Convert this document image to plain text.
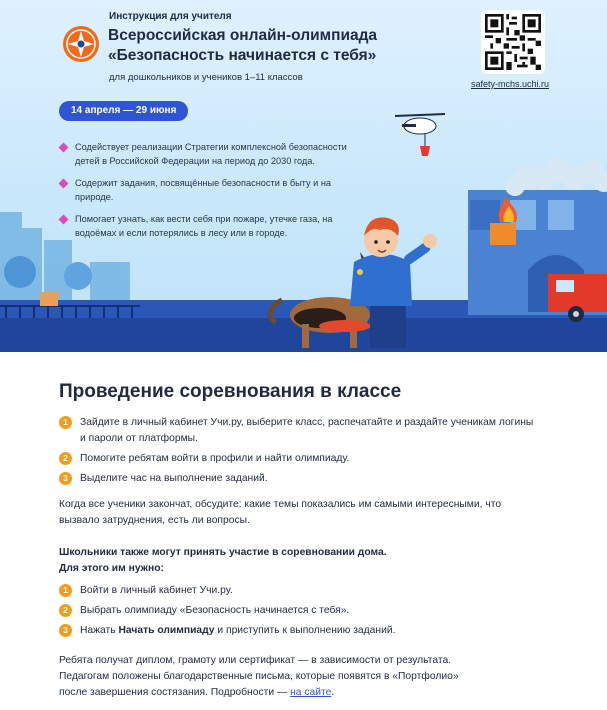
Инструкция для учителя
Всероссийская онлайн-олимпиада
«Безопасность начинается с тебя»
для дошкольников и учеников 1–11 классов
safety-mchs.uchi.ru
14 апреля — 29 июня
Содействует реализации Стратегии комплексной безопасности детей в Российской Федерации на период до 2030 года.
Содержит задания, посвящённые безопасности в быту и на природе.
Помогает узнать, как вести себя при пожаре, утечке газа, на водоёмах и если потерялись в лесу или в городе.
Проведение соревнования в классе
1	Зайдите в личный кабинет Учи.ру, выберите класс, распечатайте и раздайте ученикам логины и пароли от платформы.
2	Помогите ребятам войти в профили и найти олимпиаду.
3	Выделите час на выполнение заданий.
Когда все ученики закончат, обсудите: какие темы показались им самыми интересными, что вызвало затруднения, есть ли вопросы.
Школьники также могут принять участие в соревновании дома.
Для этого им нужно:
1	Войти в личный кабинет Учи.ру.
2	Выбрать олимпиаду «Безопасность начинается с тебя».
3	Нажать Начать олимпиаду и приступить к выполнению заданий.
Ребята получат диплом, грамоту или сертификат — в зависимости от результата.
Педагогам положены благодарственные письма, которые появятся в «Портфолио»
после завершения состязания. Подробности — на сайте.
